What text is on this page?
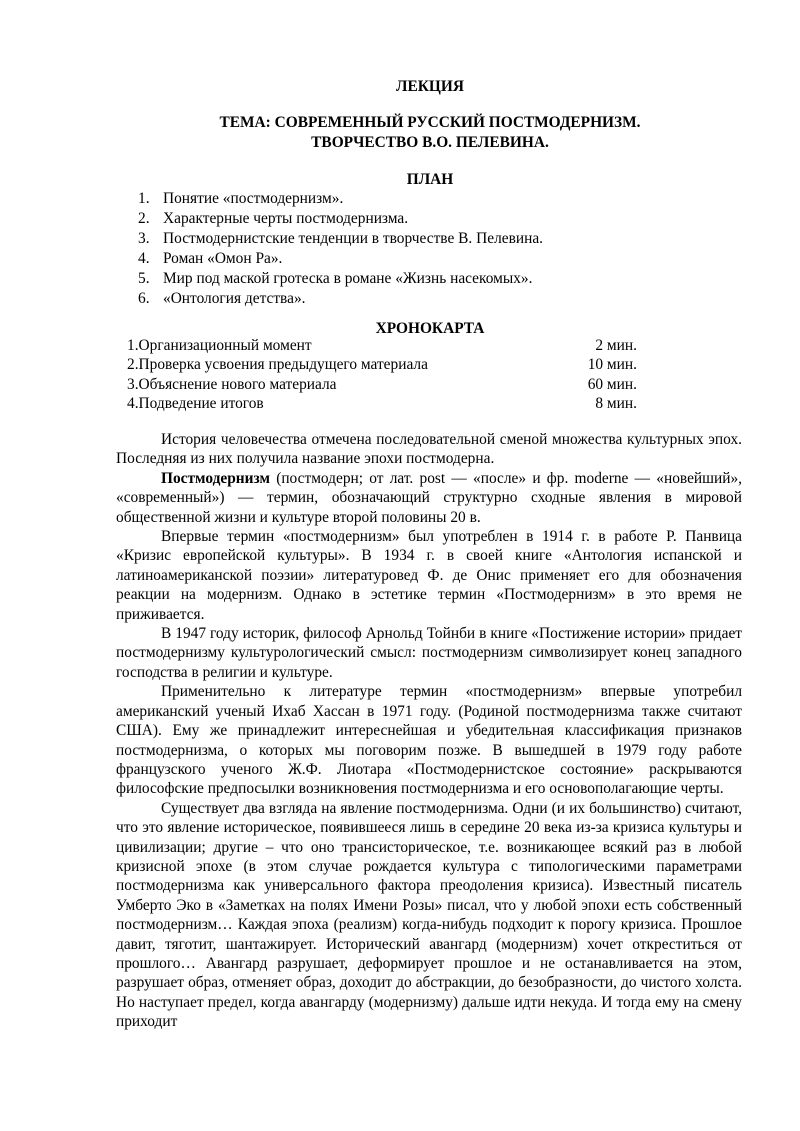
ЛЕКЦИЯ
ТЕМА: СОВРЕМЕННЫЙ РУССКИЙ ПОСТМОДЕРНИЗМ.
ТВОРЧЕСТВО В.О. ПЕЛЕВИНА.
ПЛАН
1. Понятие «постмодернизм».
2. Характерные черты постмодернизма.
3. Постмодернистские тенденции в творчестве В. Пелевина.
4. Роман «Омон Ра».
5. Мир под маской гротеска в романе «Жизнь насекомых».
6. «Онтология детства».
ХРОНОКАРТА
1.Организационный момент	2 мин.
2.Проверка усвоения предыдущего материала	10 мин.
3.Объяснение нового материала	60 мин.
4.Подведение итогов	8 мин.

История человечества отмечена последовательной сменой множества культурных эпох. Последняя из них получила название эпохи постмодерна.

Постмодернизм (постмодерн; от лат. post — «после» и фр. moderne — «новейший», «современный») — термин, обозначающий структурно сходные явления в мировой общественной жизни и культуре второй половины 20 в.

Впервые термин «постмодернизм» был употреблен в 1914 г. в работе Р. Панвица «Кризис европейской культуры». В 1934 г. в своей книге «Антология испанской и латиноамериканской поэзии» литературовед Ф. де Онис применяет его для обозначения реакции на модернизм. Однако в эстетике термин «Постмодернизм» в это время не приживается.

В 1947 году историк, философ Арнольд Тойнби в книге «Постижение истории» придает постмодернизму культурологический смысл: постмодернизм символизирует конец западного господства в религии и культуре.

Применительно к литературе термин «постмодернизм» впервые употребил американский ученый Ихаб Хассан в 1971 году. (Родиной постмодернизма также считают США). Ему же принадлежит интереснейшая и убедительная классификация признаков постмодернизма, о которых мы поговорим позже. В вышедшей в 1979 году работе французского ученого Ж.Ф. Лиотара «Постмодернистское состояние» раскрываются философские предпосылки возникновения постмодернизма и его основополагающие черты.

Существует два взгляда на явление постмодернизма. Одни (и их большинство) считают, что это явление историческое, появившееся лишь в середине 20 века из-за кризиса культуры и цивилизации; другие – что оно трансисторическое, т.е. возникающее всякий раз в любой кризисной эпохе (в этом случае рождается культура с типологическими параметрами постмодернизма как универсального фактора преодоления кризиса). Известный писатель Умберто Эко в «Заметках на полях Имени Розы» писал, что у любой эпохи есть собственный постмодернизм… Каждая эпоха (реализм) когда-нибудь подходит к порогу кризиса. Прошлое давит, тяготит, шантажирует. Исторический авангард (модернизм) хочет откреститься от прошлого… Авангард разрушает, деформирует прошлое и не останавливается на этом, разрушает образ, отменяет образ, доходит до абстракции, до безобразности, до чистого холста. Но наступает предел, когда авангарду (модернизму) дальше идти некуда. И тогда ему на смену приходит
